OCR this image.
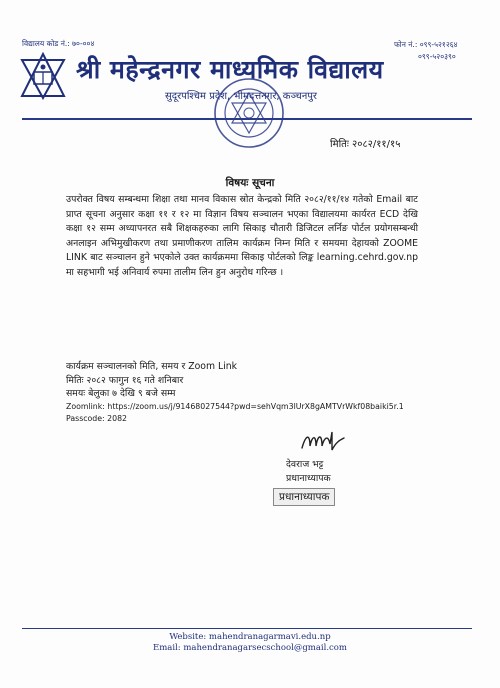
विद्यालय कोड नं.: ७०-००४	फोन नं.: ०९९-५२१२६४
०९९-५२०३९०
श्री महेन्द्रनगर माध्यमिक विद्यालय
सुदूरपश्चिम प्रदेश, भीमदत्तनगर, कञ्चनपुर
मितिः २०८२/११/१५
विषयः सूचना
उपरोक्त विषय सम्बन्धमा शिक्षा तथा मानव विकास स्रोत केन्द्रको मिति २०८२/११/१४ गतेको Email बाट प्राप्त सूचना अनुसार कक्षा ११ र १२ मा विज्ञान विषय सञ्चालन भएका विद्यालयमा कार्यरत ECD देखि कक्षा १२ सम्म अध्यापनरत सबै शिक्षकहरुका लागि सिकाइ चौतारी डिजिटल लर्निङ पोर्टल प्रयोगसम्बन्धी अनलाइन अभिमुखीकरण तथा प्रमाणीकरण तालिम कार्यक्रम निम्न मिति र समयमा देहायको ZOOME LINK बाट सञ्चालन हुने भएकोले उक्त कार्यक्रममा सिकाइ पोर्टलको लिङ्क learning.cehrd.gov.np मा सहभागी भई अनिवार्य रुपमा तालीम लिन हुन अनुरोध गरिन्छ ।
कार्यक्रम सञ्चालनको मिति, समय र Zoom Link
मितिः २०८२ फागुन १६ गते शनिबार
समयः बेलुका ७ देखि ९ बजे सम्म
Zoomlink: https://zoom.us/j/91468027544?pwd=sehVqm3lUrX8gAMTVrWkf08baiki5r.1
Passcode: 2082
देवराज भट्ट
प्रधानाध्यापक
प्रधानाध्यापक
Website: mahendranagarmavi.edu.np
Email: mahendranagarsecschool@gmail.com
